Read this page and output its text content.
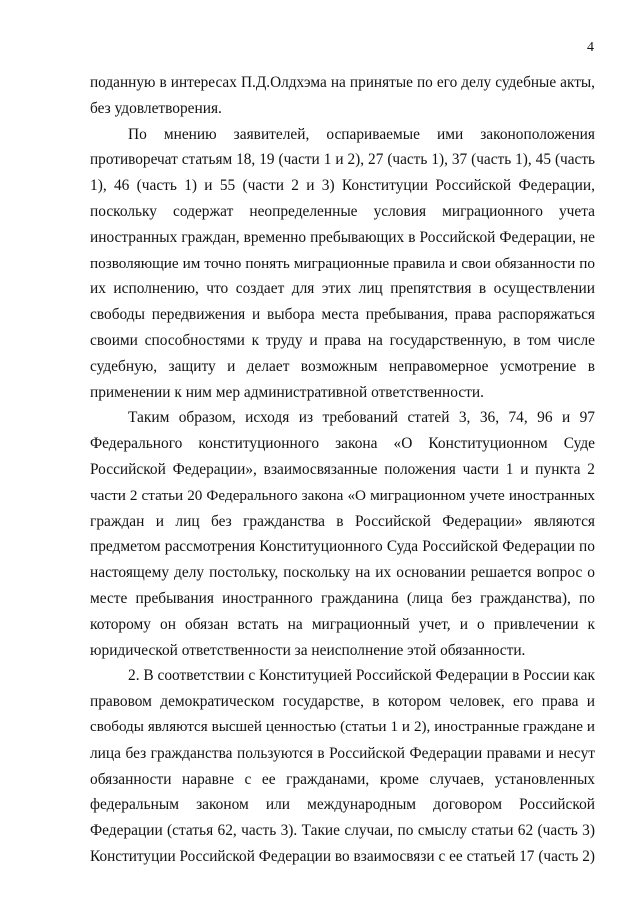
4
поданную в интересах П.Д.Олдхэма на принятые по его делу судебные акты,
без удовлетворения.
По мнению заявителей, оспариваемые ими законоположения
противоречат статьям 18, 19 (части 1 и 2), 27 (часть 1), 37 (часть 1), 45 (часть
1), 46 (часть 1) и 55 (части 2 и 3) Конституции Российской Федерации,
поскольку содержат неопределенные условия миграционного учета
иностранных граждан, временно пребывающих в Российской Федерации, не
позволяющие им точно понять миграционные правила и свои обязанности по
их исполнению, что создает для этих лиц препятствия в осуществлении
свободы передвижения и выбора места пребывания, права распоряжаться
своими способностями к труду и права на государственную, в том числе
судебную, защиту и делает возможным неправомерное усмотрение в
применении к ним мер административной ответственности.
Таким образом, исходя из требований статей 3, 36, 74, 96 и 97
Федерального конституционного закона «О Конституционном Суде
Российской Федерации», взаимосвязанные положения части 1 и пункта 2
части 2 статьи 20 Федерального закона «О миграционном учете иностранных
граждан и лиц без гражданства в Российской Федерации» являются
предметом рассмотрения Конституционного Суда Российской Федерации по
настоящему делу постольку, поскольку на их основании решается вопрос о
месте пребывания иностранного гражданина (лица без гражданства), по
которому он обязан встать на миграционный учет, и о привлечении к
юридической ответственности за неисполнение этой обязанности.
2. В соответствии с Конституцией Российской Федерации в России как
правовом демократическом государстве, в котором человек, его права и
свободы являются высшей ценностью (статьи 1 и 2), иностранные граждане и
лица без гражданства пользуются в Российской Федерации правами и несут
обязанности наравне с ее гражданами, кроме случаев, установленных
федеральным законом или международным договором Российской
Федерации (статья 62, часть 3). Такие случаи, по смыслу статьи 62 (часть 3)
Конституции Российской Федерации во взаимосвязи с ее статьей 17 (часть 2)
